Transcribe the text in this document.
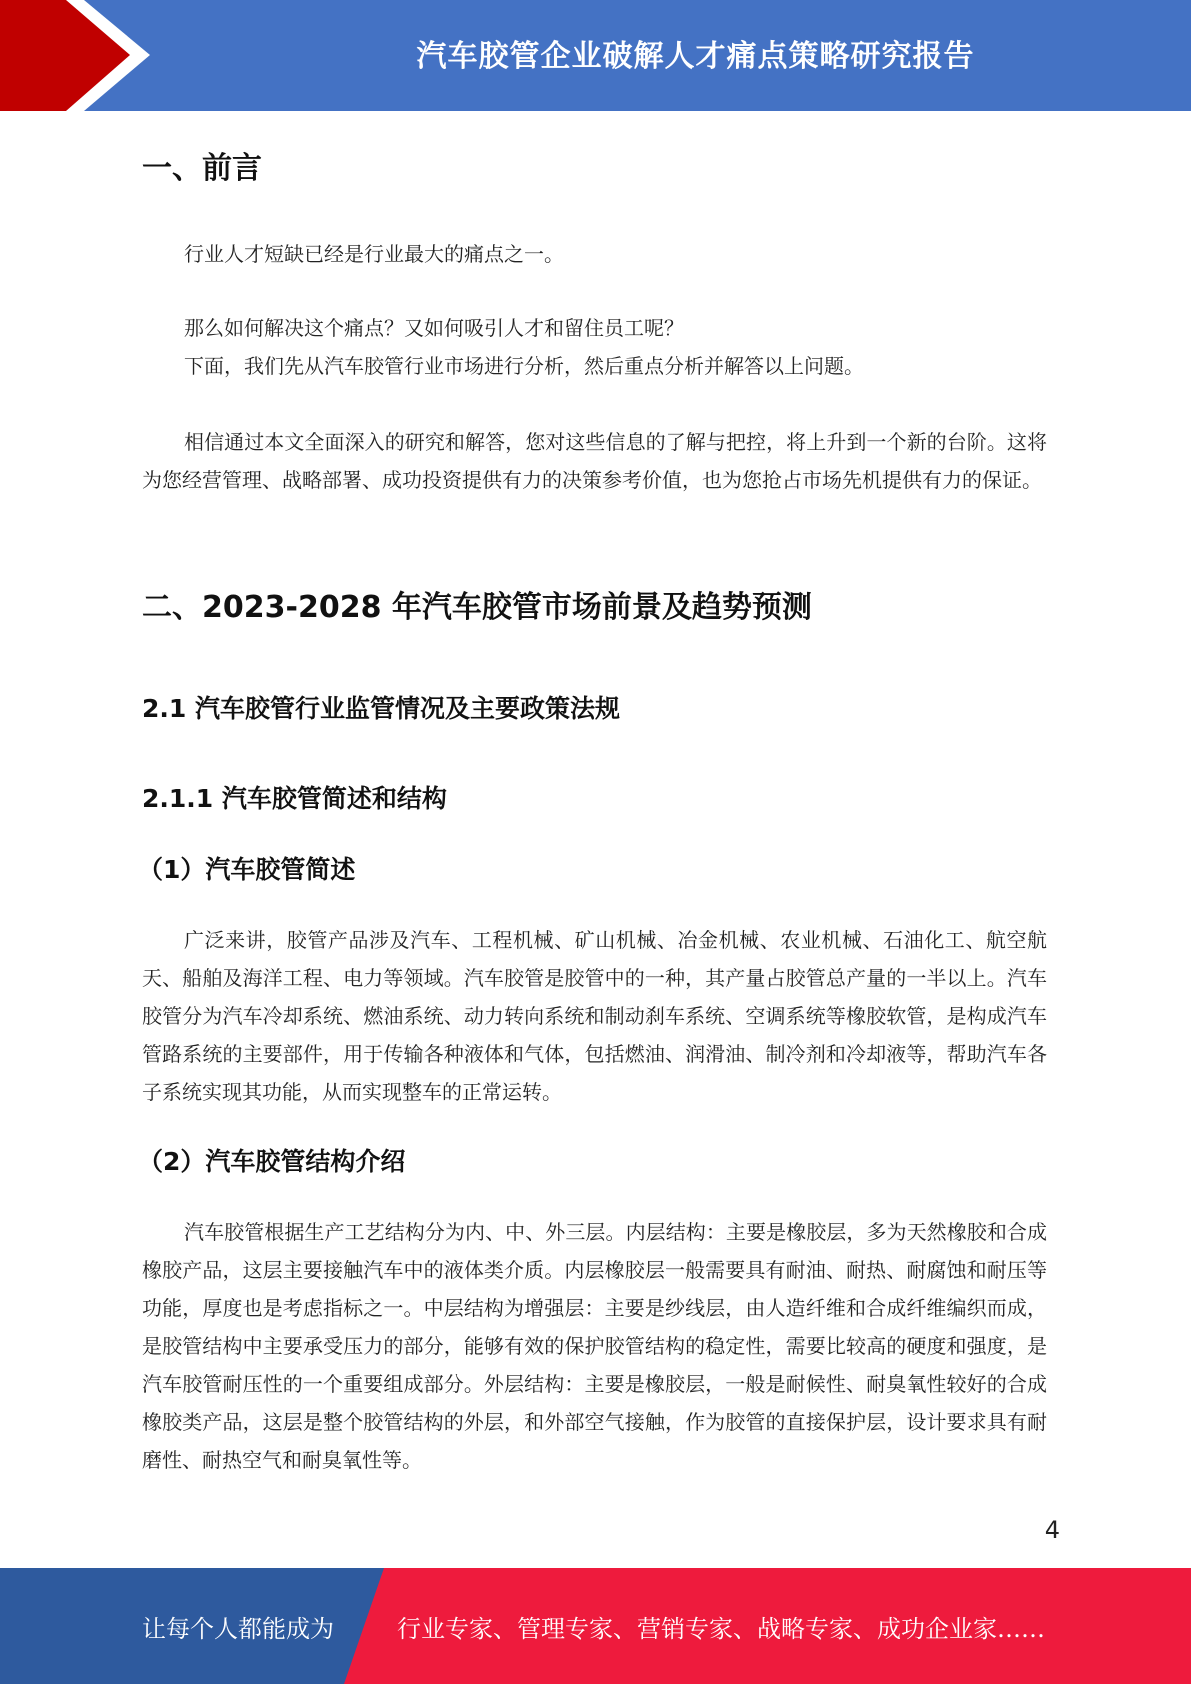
汽车胶管企业破解人才痛点策略研究报告
一、前言

行业人才短缺已经是行业最大的痛点之一。

那么如何解决这个痛点？又如何吸引人才和留住员工呢？

下面，我们先从汽车胶管行业市场进行分析，然后重点分析并解答以上问题。

相信通过本文全面深入的研究和解答，您对这些信息的了解与把控，将上升到一个新的台阶。这将为您经营管理、战略部署、成功投资提供有力的决策参考价值，也为您抢占市场先机提供有力的保证。

二、2023-2028 年汽车胶管市场前景及趋势预测
2.1 汽车胶管行业监管情况及主要政策法规
2.1.1 汽车胶管简述和结构
（1）汽车胶管简述

广泛来讲，胶管产品涉及汽车、工程机械、矿山机械、冶金机械、农业机械、石油化工、航空航天、船舶及海洋工程、电力等领域。汽车胶管是胶管中的一种，其产量占胶管总产量的一半以上。汽车胶管分为汽车冷却系统、燃油系统、动力转向系统和制动刹车系统、空调系统等橡胶软管，是构成汽车管路系统的主要部件，用于传输各种液体和气体，包括燃油、润滑油、制冷剂和冷却液等，帮助汽车各子系统实现其功能，从而实现整车的正常运转。

（2）汽车胶管结构介绍

汽车胶管根据生产工艺结构分为内、中、外三层。内层结构：主要是橡胶层，多为天然橡胶和合成橡胶产品，这层主要接触汽车中的液体类介质。内层橡胶层一般需要具有耐油、耐热、耐腐蚀和耐压等功能，厚度也是考虑指标之一。中层结构为增强层：主要是纱线层，由人造纤维和合成纤维编织而成，是胶管结构中主要承受压力的部分，能够有效的保护胶管结构的稳定性，需要比较高的硬度和强度，是汽车胶管耐压性的一个重要组成部分。外层结构：主要是橡胶层，一般是耐候性、耐臭氧性较好的合成橡胶类产品，这层是整个胶管结构的外层，和外部空气接触，作为胶管的直接保护层，设计要求具有耐磨性、耐热空气和耐臭氧性等。

4
让每个人都能成为	行业专家、管理专家、营销专家、战略专家、成功企业家……
